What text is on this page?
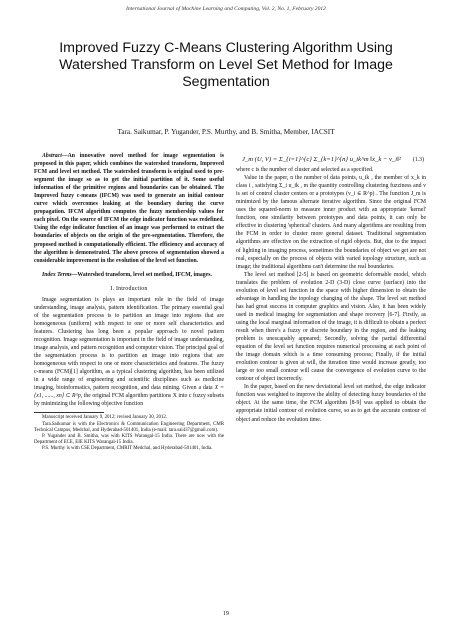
International Journal of Machine Learning and Computing, Vol. 2, No. 1, February 2012
Improved Fuzzy C-Means Clustering Algorithm Using
Watershed Transform on Level Set Method for Image
Segmentation
Tara. Saikumar, P. Yugander, P.S. Murthy, and B. Smitha, Member, IACSIT

Abstract—An innovative novel method for image segmentation is proposed in this paper, which combines the watershed transform, Improved FCM and level set method. The watershed transform is original used to pre-segment the image so as to get the initial partition of it. Some useful information of the primitive regions and boundaries can be obtained. The Improved fuzzy c-means (IFCM) was used to generate an initial contour curve which overcomes leaking at the boundary during the curve propagation. IFCM algorithm computes the fuzzy membership values for each pixel. On the source of IFCM the edge indicator function was redefined. Using the edge indicator function of an image was performed to extract the boundaries of objects on the origin of the pre-segmentation. Therefore, the proposed method is computationally efficient. The efficiency and accuracy of the algorithm is demonstrated. The above process of segmentation showed a considerable improvement in the evolution of the level set function.

Index Terms—Watershed transform, level set method, IFCM, images.

I. Introduction

Image segmentation is plays an important role in the field of image understanding, image analysis, pattern identification. The primary essential goal of the segmentation process is to partition an image into regions that are homogeneous (uniform) with respect to one or more self characteristics and features. Clustering has long been a popular approach to novel pattern recognition. Image segmentation is important in the field of image understanding, image analysis, and pattern recognition and computer vision. The principal goal of the segmentation process is to partition an image into regions that are homogeneous with respect to one or more characteristics and features. The fuzzy c-means (FCM)[1] algorithm, as a typical clustering algorithm, has been utilized in a wide range of engineering and scientific disciplines such as medicine imaging, bioinformatics, pattern recognition, and data mining. Given a data X = {x1, ......, xn} ⊂ R^p, the original FCM algorithm partitions X into c fuzzy subsets by minimizing the following objective function

Manuscript received January 9, 2012; revised January 30, 2012.

Tara.Saikumar is with the Electronics & Communication Engineering Department, CMR Technical Campus, Medchal, and Hyderabad-501401, India (e-mail: tara.sai437@gmail.com).

P. Yugander and B. Smitha, was with KITS Warangal-15 India. There are now with the Department of ECE, EIE KITS Warangal-15 India.

P.S. Murthy is with CSE Department, CMRIT Medchal, and Hyderabad-501401, India.

J_m (U, V) = Σ_{i=1}^{c} Σ_{k=1}^{n} u_ik^m ‖x_k − v_i‖² (1.3)

where c is the number of cluster and selected as a specified.

Value in the paper, n the number of data points, u_ik , the member of x_k in class i , satisfying Σ_i u_ik , m the quantity controlling clustering fuzziness and v is set of control cluster centers or a prototypes (v_i ∈ R^p) . The function J_m is minimized by the famous alternate iterative algorithm. Since the original FCM uses the squared-norm to measure inner product with an appropriate 'kernel' function, one similarity between prototypes and data points, it can only be effective in clustering 'spherical' clusters. And many algorithms are resulting from the FCM in order to cluster more general dataset. Traditional segmentation algorithms are effective on the extraction of rigid objects. But, due to the impact of lighting in imaging process, sometimes the boundaries of object we get are not real, especially on the process of objects with varied topology structure, such as image; the traditional algorithms can't determine the real boundaries.

The level set method [2-5] is based on geometric deformable model, which translates the problem of evolution 2-D (3-D) close curve (surface) into the evolution of level set function in the space with higher dimension to obtain the advantage in handling the topology changing of the shape. The level set method has had great success in computer graphics and vision. Also, it has been widely used in medical imaging for segmentation and shape recovery [6-7]. Firstly, as using the local marginal information of the image, it is difficult to obtain a perfect result when there's a fuzzy or discrete boundary in the region, and the leaking problem is unescapably appeared; Secondly, solving the partial differential equation of the level set function requires numerical processing at each point of the image domain which is a time consuming process; Finally, if the initial evolution contour is given at will, the iteration time would increase greatly, too large or too small contour will cause the convergence of evolution curve to the contour of object incorrectly.

In the paper, based on the new deviational level set method, the edge indicator function was weighted to improve the ability of detecting fuzzy boundaries of the object. At the same time, the FCM algorithm [8-9] was applied to obtain the appropriate initial contour of evolution curve, so as to get the accurate contour of object and reduce the evolution time.

19
